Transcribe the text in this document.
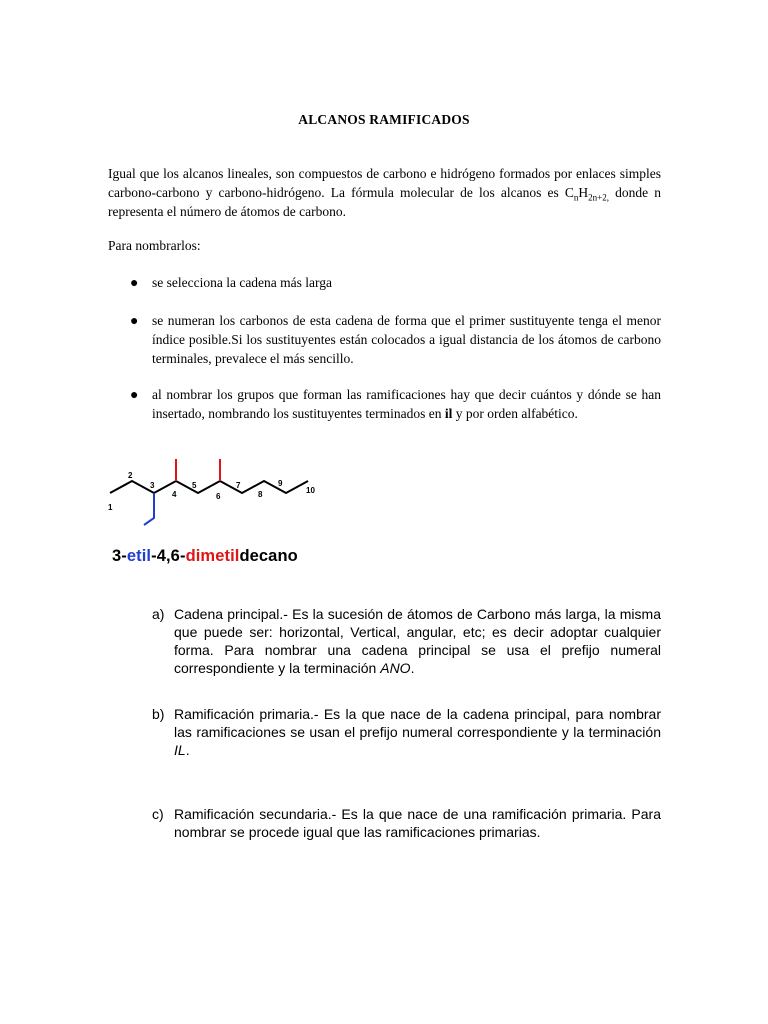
ALCANOS RAMIFICADOS
Igual que los alcanos lineales, son compuestos de carbono e hidrógeno formados por enlaces simples carbono-carbono y carbono-hidrógeno. La fórmula molecular de los alcanos es $C_nH_{2n+2,}$ donde n representa el número de átomos de carbono.
Para nombrarlos:
●	se selecciona la cadena más larga
●	se numeran los carbonos de esta cadena de forma que el primer sustituyente tenga el menor índice posible.Si los sustituyentes están colocados a igual distancia de los átomos de carbono terminales, prevalece el más sencillo.
●	al nombrar los grupos que forman las ramificaciones hay que decir cuántos y dónde se han insertado, nombrando los sustituyentes terminados en il y por orden alfabético.
1
2
3
4
5
6
7
8
9
10
3-etil-4,6-dimetildecano
a) Cadena principal.- Es la sucesión de átomos de Carbono más larga, la misma que puede ser: horizontal, Vertical, angular, etc; es decir adoptar cualquier forma. Para nombrar una cadena principal se usa el prefijo numeral correspondiente y la terminación ANO.
b) Ramificación primaria.- Es la que nace de la cadena principal, para nombrar las ramificaciones se usan el prefijo numeral correspondiente y la terminación IL.
c) Ramificación secundaria.- Es la que nace de una ramificación primaria. Para nombrar se procede igual que las ramificaciones primarias.
